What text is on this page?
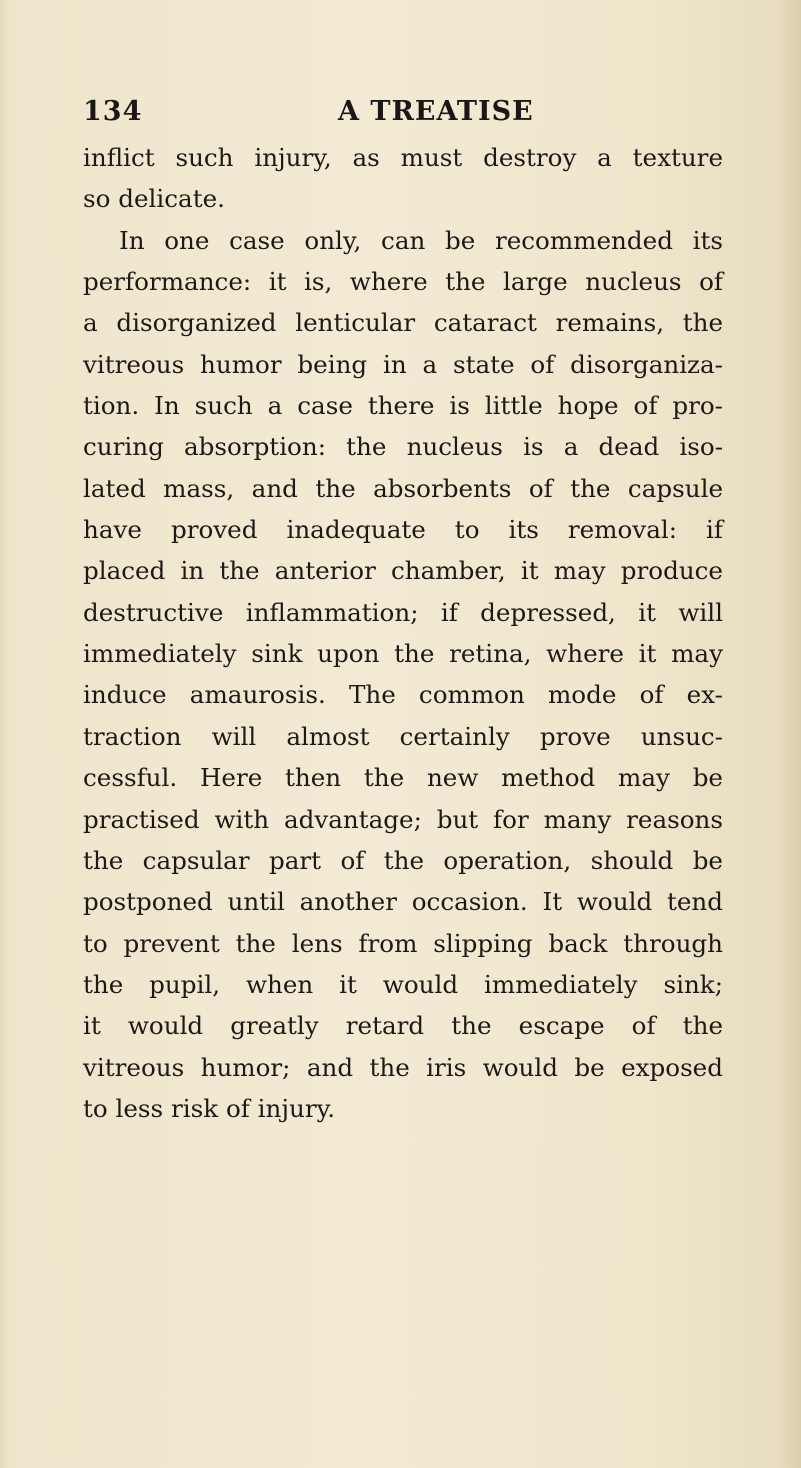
134	A TREATISE
inflict such injury, as must destroy a texture
so delicate.
In one case only, can be recommended its
performance: it is, where the large nucleus of
a disorganized lenticular cataract remains, the
vitreous humor being in a state of disorganiza-
tion. In such a case there is little hope of pro-
curing absorption: the nucleus is a dead iso-
lated mass, and the absorbents of the capsule
have proved inadequate to its removal: if
placed in the anterior chamber, it may produce
destructive inflammation; if depressed, it will
immediately sink upon the retina, where it may
induce amaurosis. The common mode of ex-
traction will almost certainly prove unsuc-
cessful. Here then the new method may be
practised with advantage; but for many reasons
the capsular part of the operation, should be
postponed until another occasion. It would tend
to prevent the lens from slipping back through
the pupil, when it would immediately sink;
it would greatly retard the escape of the
vitreous humor; and the iris would be exposed
to less risk of injury.
